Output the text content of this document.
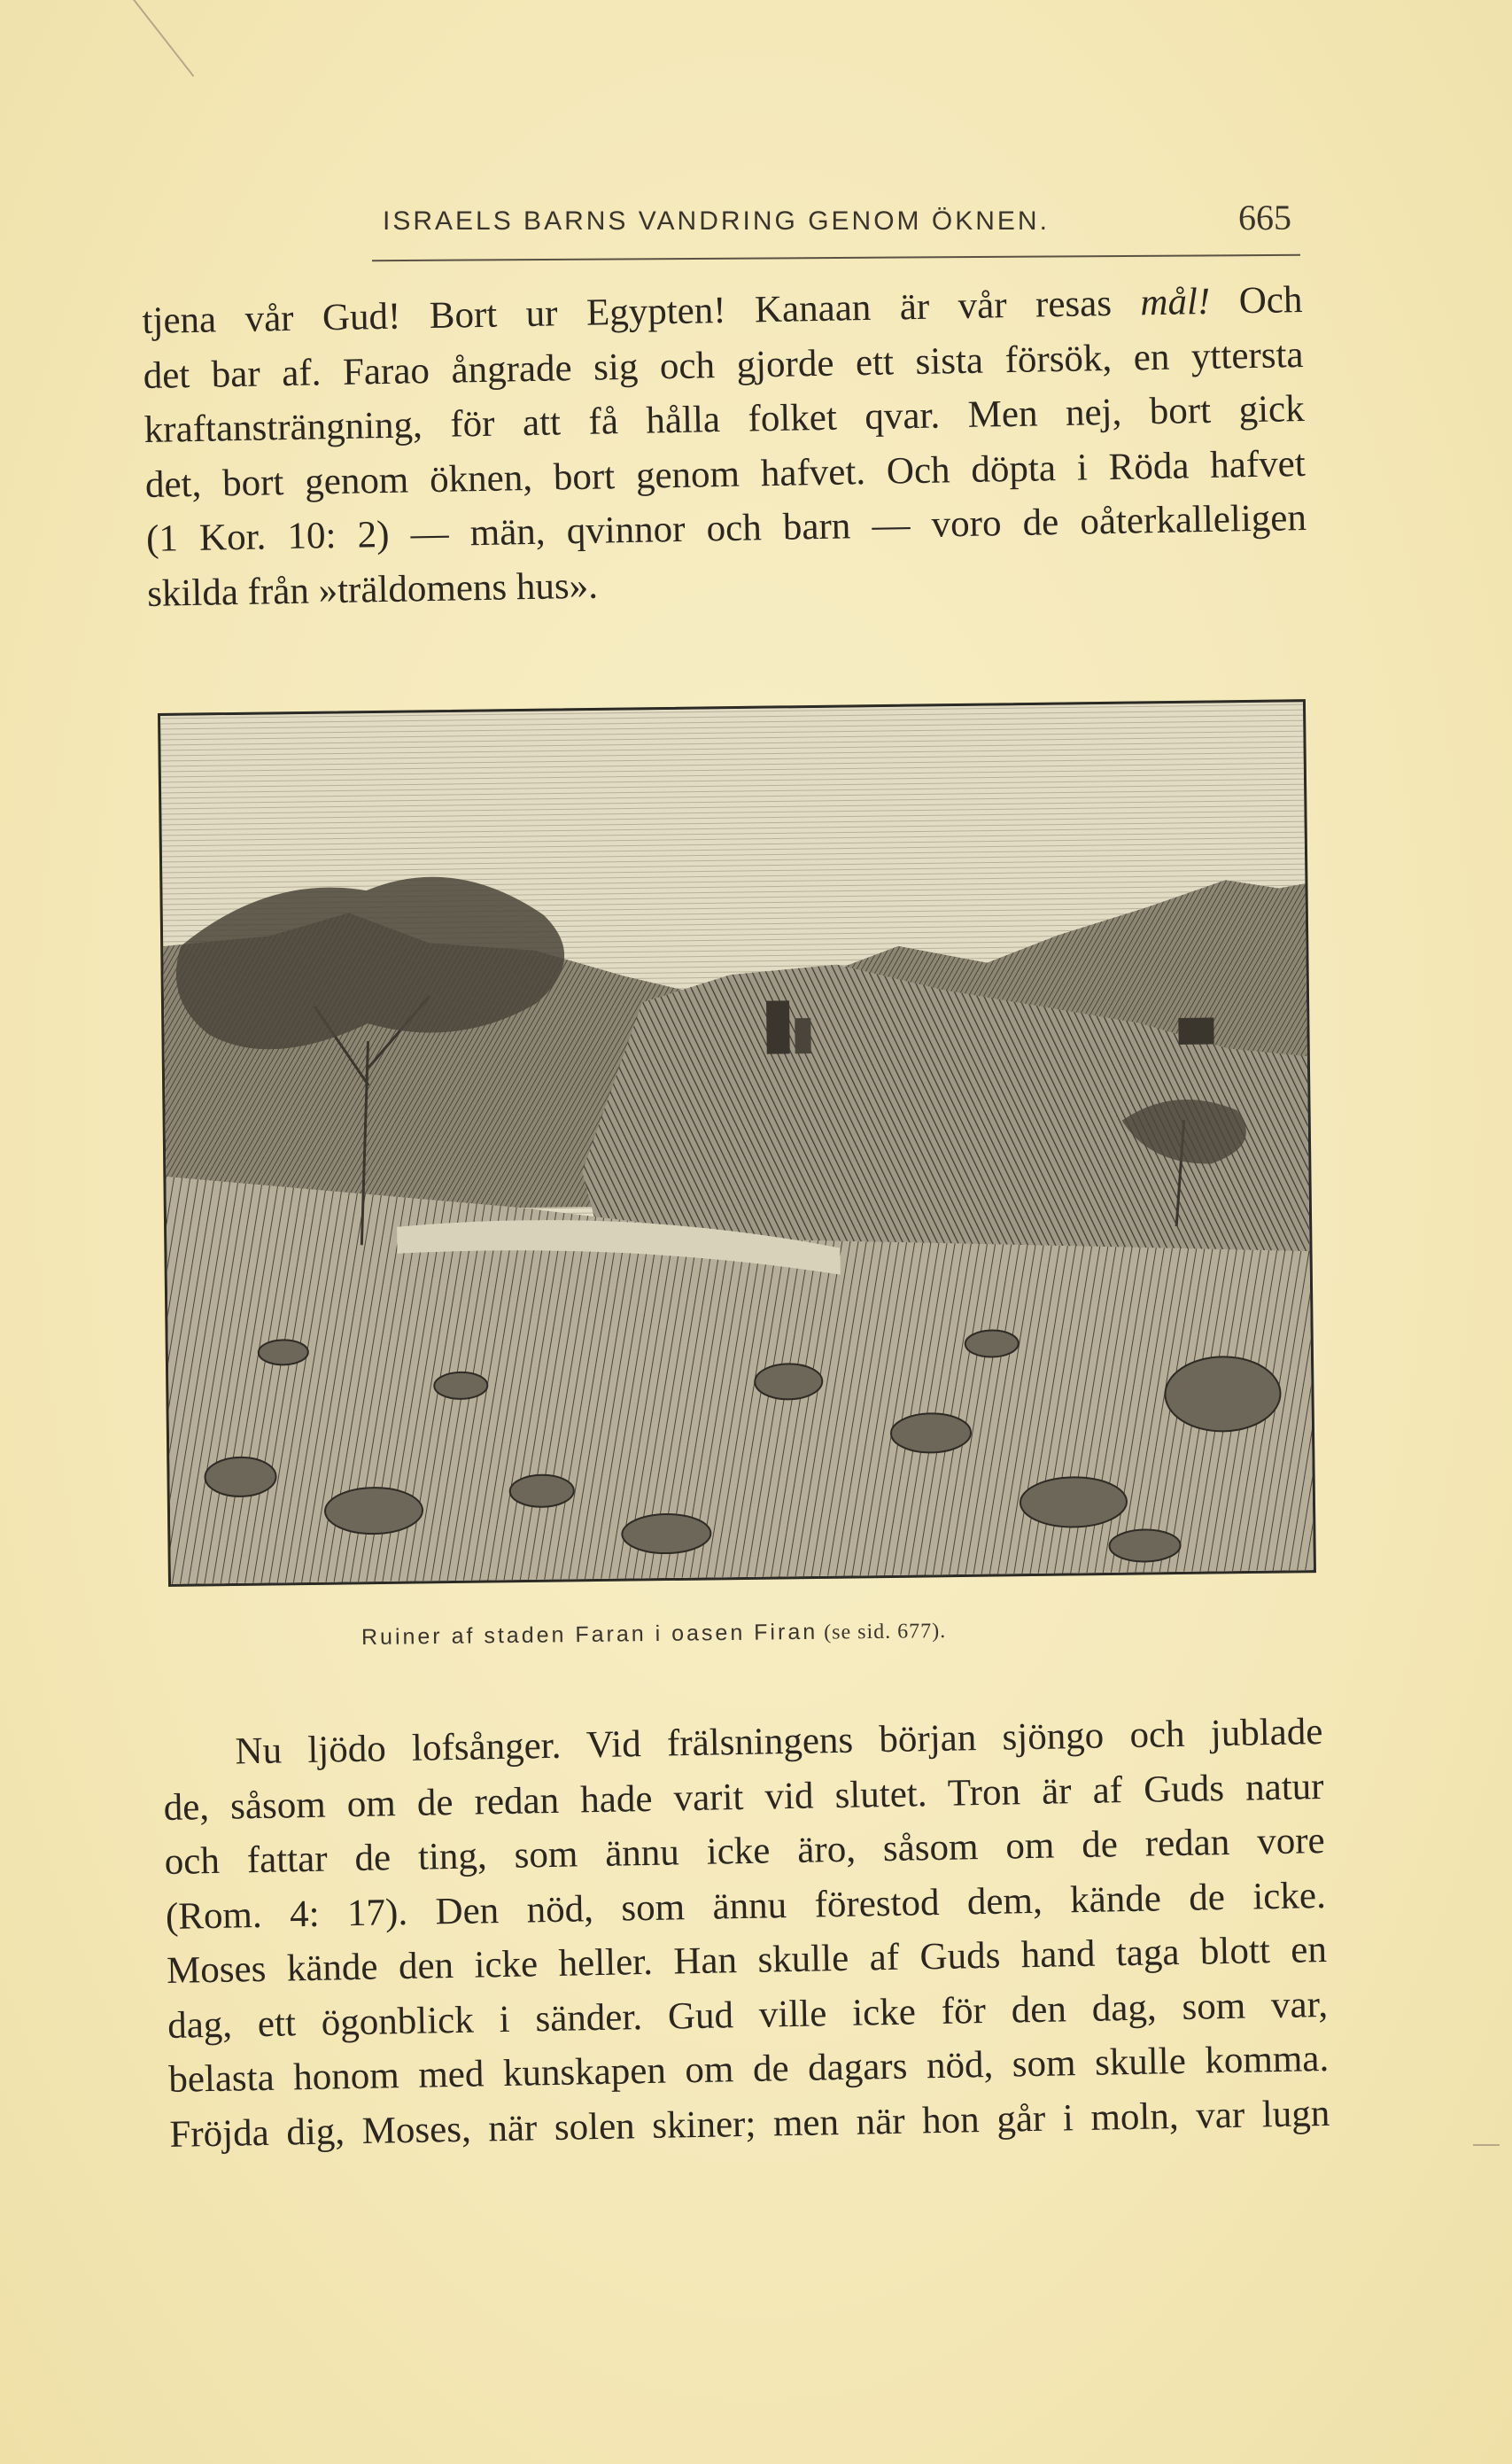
ISRAELS BARNS VANDRING GENOM ÖKNEN.	665
tjena vår Gud! Bort ur Egypten! Kanaan är vår resas mål! Och
det bar af. Farao ångrade sig och gjorde ett sista försök, en yttersta
kraftansträngning, för att få hålla folket qvar. Men nej, bort gick
det, bort genom öknen, bort genom hafvet. Och döpta i Röda hafvet
(1 Kor. 10: 2) — män, qvinnor och barn — voro de oåterkalleligen
skilda från »träldomens hus».
Ruiner af staden Faran i oasen Firan (se sid. 677).
Nu ljödo lofsånger. Vid frälsningens början sjöngo och jublade
de, såsom om de redan hade varit vid slutet. Tron är af Guds natur
och fattar de ting, som ännu icke äro, såsom om de redan vore
(Rom. 4: 17). Den nöd, som ännu förestod dem, kände de icke.
Moses kände den icke heller. Han skulle af Guds hand taga blott en
dag, ett ögonblick i sänder. Gud ville icke för den dag, som var,
belasta honom med kunskapen om de dagars nöd, som skulle komma.
Fröjda dig, Moses, när solen skiner; men när hon går i moln, var lugn
